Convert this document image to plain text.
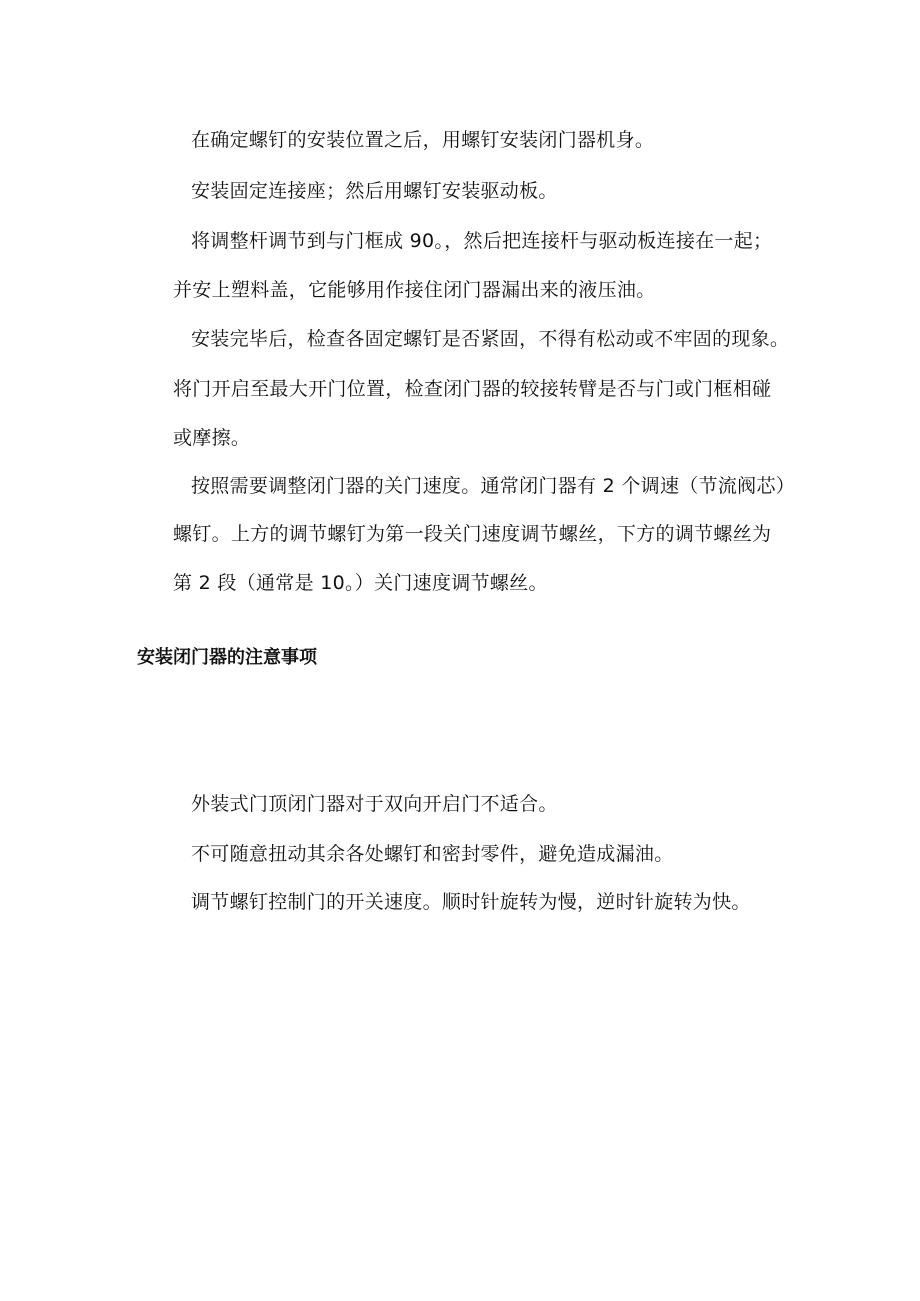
在确定螺钉的安装位置之后，用螺钉安装闭门器机身。
安装固定连接座；然后用螺钉安装驱动板。
将调整杆调节到与门框成 90。，然后把连接杆与驱动板连接在一起；
并安上塑料盖，它能够用作接住闭门器漏出来的液压油。
安装完毕后，检查各固定螺钉是否紧固，不得有松动或不牢固的现象。
将门开启至最大开门位置，检查闭门器的较接转臂是否与门或门框相碰
或摩擦。
按照需要调整闭门器的关门速度。通常闭门器有 2 个调速（节流阀芯）
螺钉。上方的调节螺钉为第一段关门速度调节螺丝，下方的调节螺丝为
第 2 段（通常是 10。）关门速度调节螺丝。
安装闭门器的注意事项
外装式门顶闭门器对于双向开启门不适合。
不可随意扭动其余各处螺钉和密封零件，避免造成漏油。
调节螺钉控制门的开关速度。顺时针旋转为慢，逆时针旋转为快。
